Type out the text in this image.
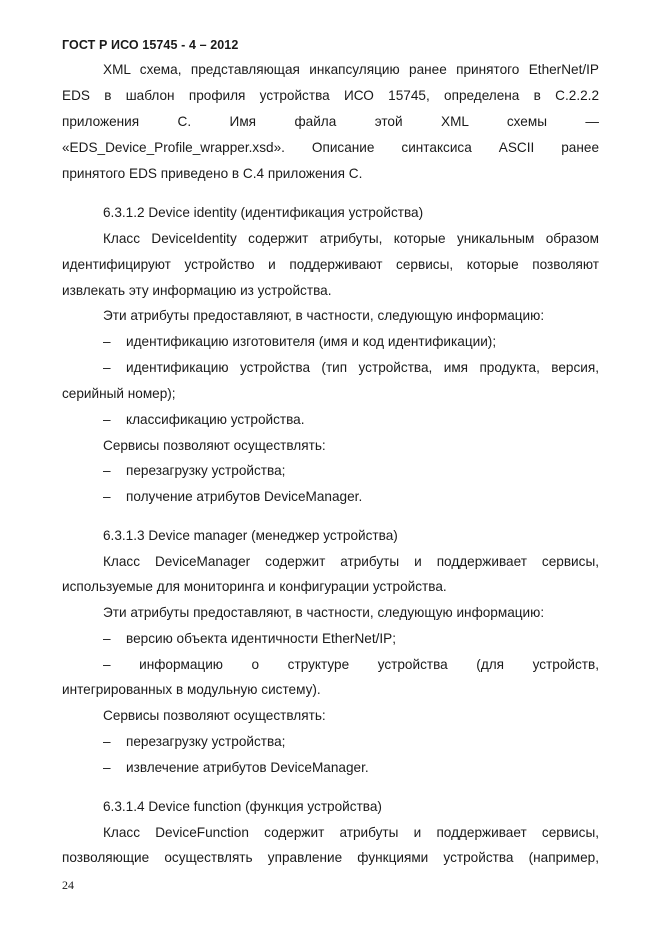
ГОСТ Р ИСО 15745 - 4 – 2012
XML схема, представляющая инкапсуляцию ранее принятого EtherNet/IP
EDS в шаблон профиля устройства ИСО 15745, определена в С.2.2.2
приложения С. Имя файла этой XML схемы —
«EDS_Device_Profile_wrapper.xsd». Описание синтаксиса ASCII ранее
принятого EDS приведено в С.4 приложения С.
6.3.1.2 Device identity (идентификация устройства)
Класс DeviceIdentity содержит атрибуты, которые уникальным образом
идентифицируют устройство и поддерживают сервисы, которые позволяют
извлекать эту информацию из устройства.
Эти атрибуты предоставляют, в частности, следующую информацию:
– идентификацию изготовителя (имя и код идентификации);
– идентификацию устройства (тип устройства, имя продукта, версия,
серийный номер);
– классификацию устройства.
Сервисы позволяют осуществлять:
– перезагрузку устройства;
– получение атрибутов DeviceManager.
6.3.1.3 Device manager (менеджер устройства)
Класс DeviceManager содержит атрибуты и поддерживает сервисы,
используемые для мониторинга и конфигурации устройства.
Эти атрибуты предоставляют, в частности, следующую информацию:
– версию объекта идентичности EtherNet/IP;
– информацию о структуре устройства (для устройств,
интегрированных в модульную систему).
Сервисы позволяют осуществлять:
– перезагрузку устройства;
– извлечение атрибутов DeviceManager.
6.3.1.4 Device function (функция устройства)
Класс DeviceFunction содержит атрибуты и поддерживает сервисы,
позволяющие осуществлять управление функциями устройства (например,
24
